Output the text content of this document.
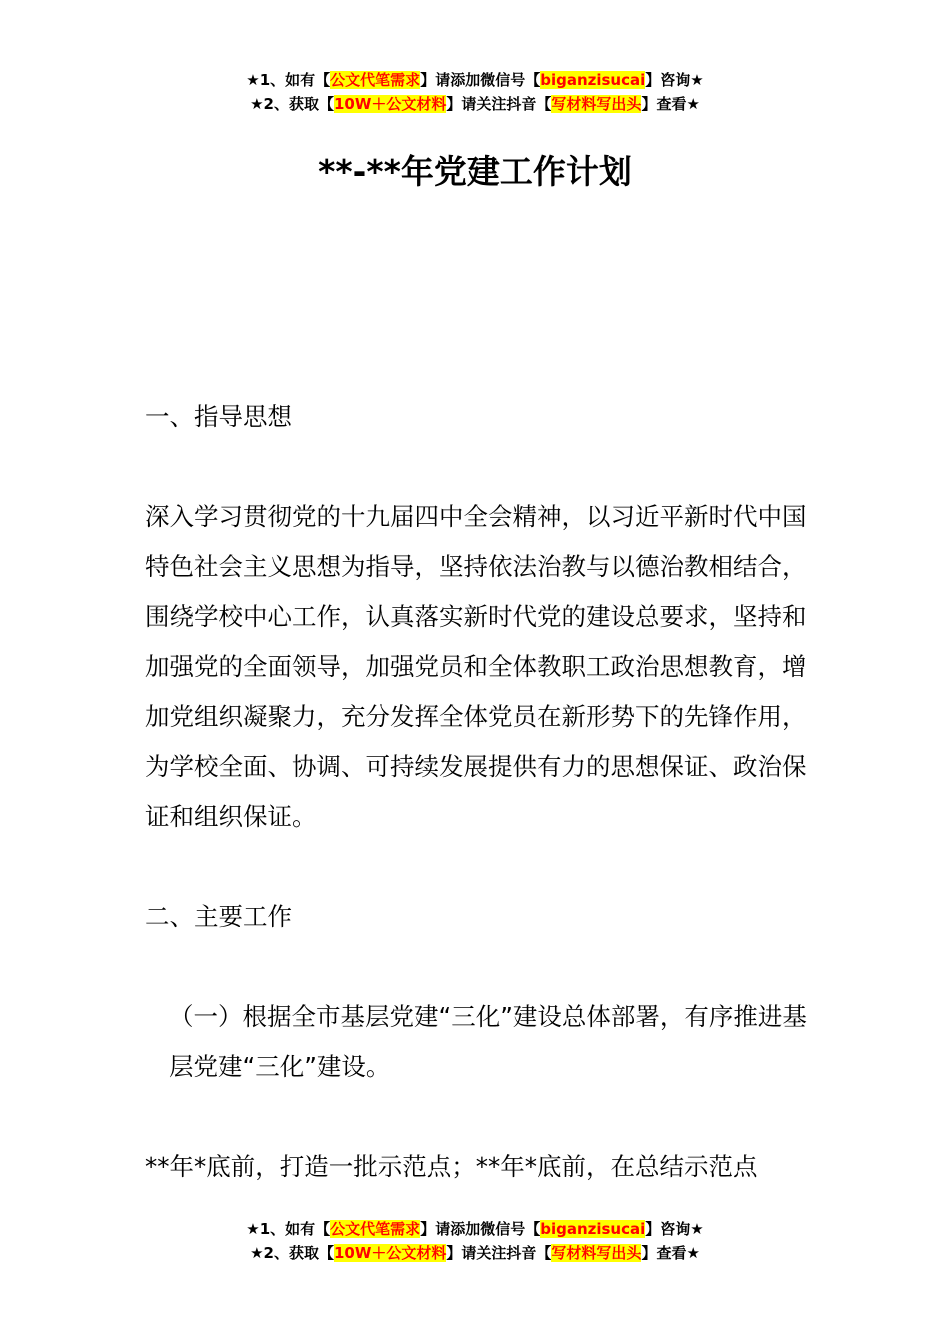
★1、如有【公文代笔需求】请添加微信号【biganzisucai】咨询★
★2、获取【10W＋公文材料】请关注抖音【写材料写出头】查看★
**-**年党建工作计划

一、指导思想

深入学习贯彻党的十九届四中全会精神，以习近平新时代中国特色社会主义思想为指导，坚持依法治教与以德治教相结合，围绕学校中心工作，认真落实新时代党的建设总要求，坚持和加强党的全面领导，加强党员和全体教职工政治思想教育，增加党组织凝聚力，充分发挥全体党员在新形势下的先锋作用，为学校全面、协调、可持续发展提供有力的思想保证、政治保证和组织保证。

二、主要工作

（一）根据全市基层党建“三化”建设总体部署，有序推进基层党建“三化”建设。

**年*底前，打造一批示范点；**年*底前，在总结示范点

★1、如有【公文代笔需求】请添加微信号【biganzisucai】咨询★
★2、获取【10W＋公文材料】请关注抖音【写材料写出头】查看★
